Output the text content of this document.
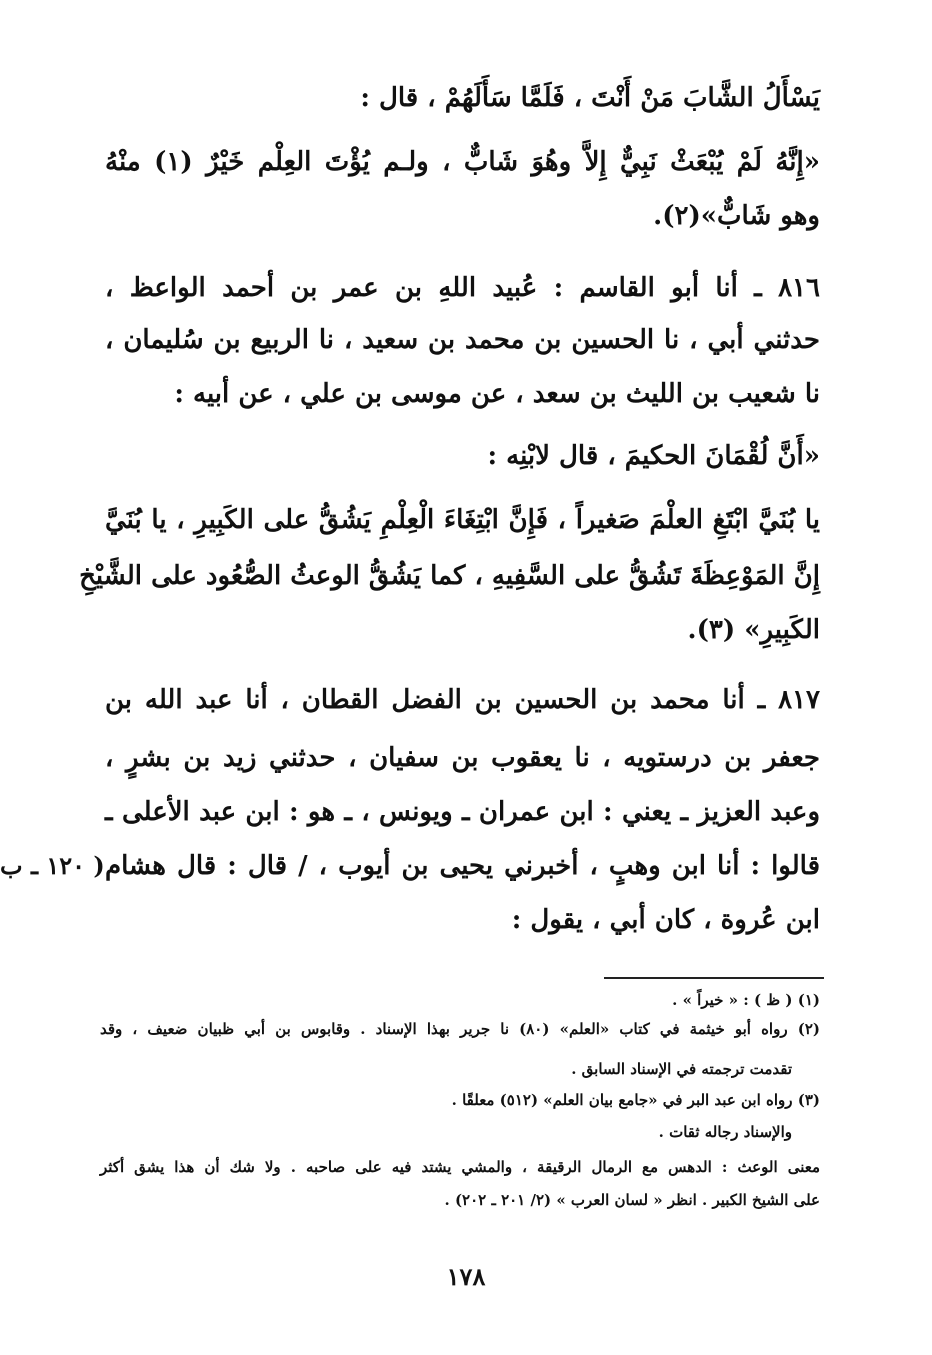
يَسْأَلُ الشَّابَ مَنْ أَنْتَ ، فَلَمَّا سَأَلَهُمْ ، قال :
«إِنَّهُ لَمْ يُبْعَثْ نَبِيٌّ إِلاَّ وهُوَ شَابٌّ ، ولـم يُؤْتَ العِلْم خَيْرٌ (١) منْهُ
وهو شَابٌّ»(٢).
٨١٦ ـ أنا أبو القاسم : عُبيد اللهِ بن عمر بن أحمد الواعظ ،
حدثني أبي ، نا الحسين بن محمد بن سعيد ، نا الربيع بن سُليمان ،
نا شعيب بن الليث بن سعد ، عن موسى بن علي ، عن أبيه :
«أَنَّ لُقْمَانَ الحكيمَ ، قال لابْنِه :
يا بُنَيَّ ابْتَغِ العلْمَ صَغيراً ، فَإِنَّ ابْتِغَاءَ الْعِلْمِ يَشُقُّ على الكَبِيرِ ، يا بُنَيَّ
إِنَّ المَوْعِظَةَ تَشُقُّ على السَّفِيهِ ، كما يَشُقُّ الوعثُ الصُّعُود على الشَّيْخِ
الكَبِيرِ» (٣).
٨١٧ ـ أنا محمد بن الحسين بن الفضل القطان ، أنا عبد الله بن
جعفر بن درستويه ، نا يعقوب بن سفيان ، حدثني زيد بن بشرٍ ،
وعبد العزيز ـ يعني : ابن عمران ـ ويونس ، ـ هو : ابن عبد الأعلى ـ
قالوا : أنا ابن وهبٍ ، أخبرني يحيى بن أيوب ، / قال : قال هشام
ابن عُروة ، كان أبي ، يقول :
( ١٢٠ ـ ب
(١) ( ظ ) : « خيراً » .
(٢) رواه أبو خيثمة في كتاب «العلم» (٨٠) نا جرير بهذا الإسناد . وقابوس بن أبي ظبيان ضعيف ، وقد
تقدمت ترجمته في الإسناد السابق .
(٣) رواه ابن عبد البر في «جامع بيان العلم» (٥١٢) معلقًا .
والإسناد رجاله ثقات .
معنى الوعث : الدهس مع الرمال الرقيقة ، والمشي يشتد فيه على صاحبه . ولا شك أن هذا يشق أكثر
على الشيخ الكبير . انظر « لسان العرب » (٢/ ٢٠١ ـ ٢٠٢) .
١٧٨
